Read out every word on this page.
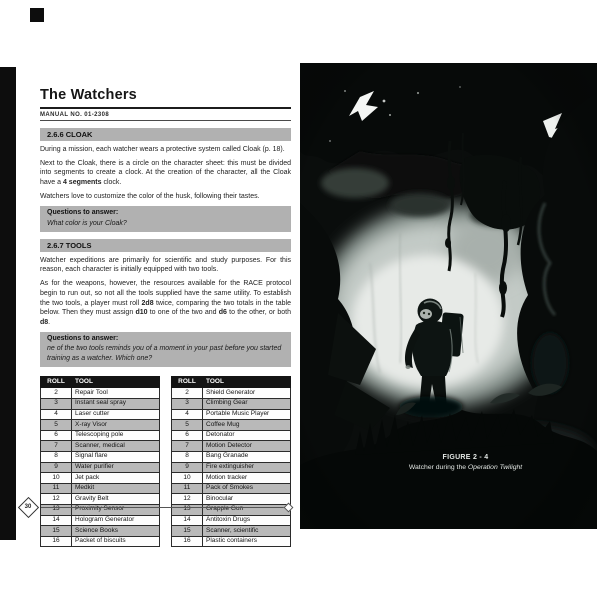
The Watchers
MANUAL NO. 01-2308
2.6.6 CLOAK

During a mission, each watcher wears a protective system called Cloak (p. 18).

Next to the Cloak, there is a circle on the character sheet: this must be divided into segments to create a clock. At the creation of the character, all the Cloak have a 4 segments clock.

Watchers love to customize the color of the husk, following their tastes.

Questions to answer:
What color is your Cloak?
2.6.7 TOOLS

Watcher expeditions are primarily for scientific and study purposes. For this reason, each character is initially equipped with two tools.

As for the weapons, however, the resources available for the RACE protocol begin to run out, so not all the tools supplied have the same utility. To establish the two tools, a player must roll 2d8 twice, comparing the two totals in the table below. Then they must assign d10 to one of the two and d6 to the other, or both d8.

Questions to answer:
ne of the two tools reminds you of a moment in your past before you started training as a watcher. Which one?
ROLL	TOOL
2	Repair Tool
3	Instant seal spray
4	Laser cutter
5	X-ray Visor
6	Telescoping pole
7	Scanner, medical
8	Signal flare
9	Water purifier
10	Jet pack
11	Medkit
12	Gravity Belt
13	Proximity Sensor
14	Hologram Generator
15	Science Books
16	Packet of biscuits
ROLL	TOOL
2	Shield Generator
3	Climbing Gear
4	Portable Music Player
5	Coffee Mug
6	Detonator
7	Motion Detector
8	Bang Granade
9	Fire extinguisher
10	Motion tracker
11	Pack of Smokes
12	Binocular
13	Grapple Gun
14	Antitoxin Drugs
15	Scanner, scientific
16	Plastic containers
30
FIGURE 2 - 4
Watcher during the Operation Twilight
